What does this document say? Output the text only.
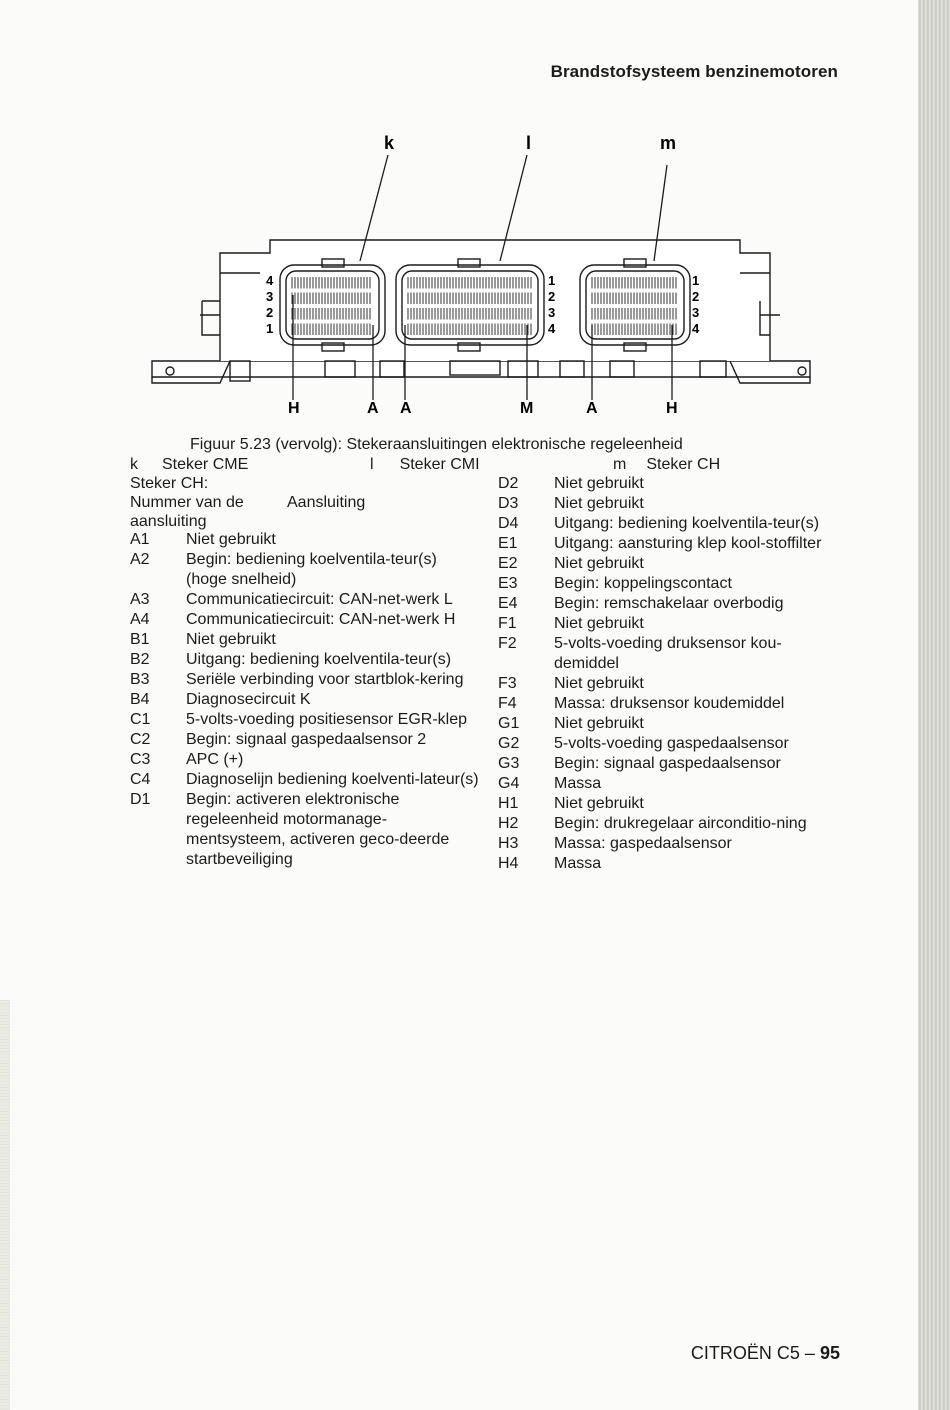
Brandstofsysteem benzinemotoren
k	l	m
4
3
2
1
1
2
3
4
1
2
3
4
H	A A	M	A	H
Figuur 5.23 (vervolg): Stekeraansluitingen elektronische regeleenheid
k Steker CME	l Steker CMI	m Steker CH
Steker CH:
Nummer van de	Aansluiting
aansluiting
A1	Niet gebruikt
A2	Begin: bediening koelventila-teur(s) (hoge snelheid)
A3	Communicatiecircuit: CAN-net-werk L
A4	Communicatiecircuit: CAN-net-werk H
B1	Niet gebruikt
B2	Uitgang: bediening koelventila-teur(s)
B3	Seriële verbinding voor startblok-kering
B4	Diagnosecircuit K
C1	5-volts-voeding positiesensor EGR-klep
C2	Begin: signaal gaspedaalsensor 2
C3	APC (+)
C4	Diagnoselijn bediening koelventi-lateur(s)
D1	Begin: activeren elektronische regeleenheid motormanage-mentsysteem, activeren geco-deerde startbeveiliging
D2	Niet gebruikt
D3	Niet gebruikt
D4	Uitgang: bediening koelventila-teur(s)
E1	Uitgang: aansturing klep kool-stoffilter
E2	Niet gebruikt
E3	Begin: koppelingscontact
E4	Begin: remschakelaar overbodig
F1	Niet gebruikt
F2	5-volts-voeding druksensor kou-demiddel
F3	Niet gebruikt
F4	Massa: druksensor koudemiddel
G1	Niet gebruikt
G2	5-volts-voeding gaspedaalsensor
G3	Begin: signaal gaspedaalsensor
G4	Massa
H1	Niet gebruikt
H2	Begin: drukregelaar airconditio-ning
H3	Massa: gaspedaalsensor
H4	Massa
CITROËN C5 – 95
